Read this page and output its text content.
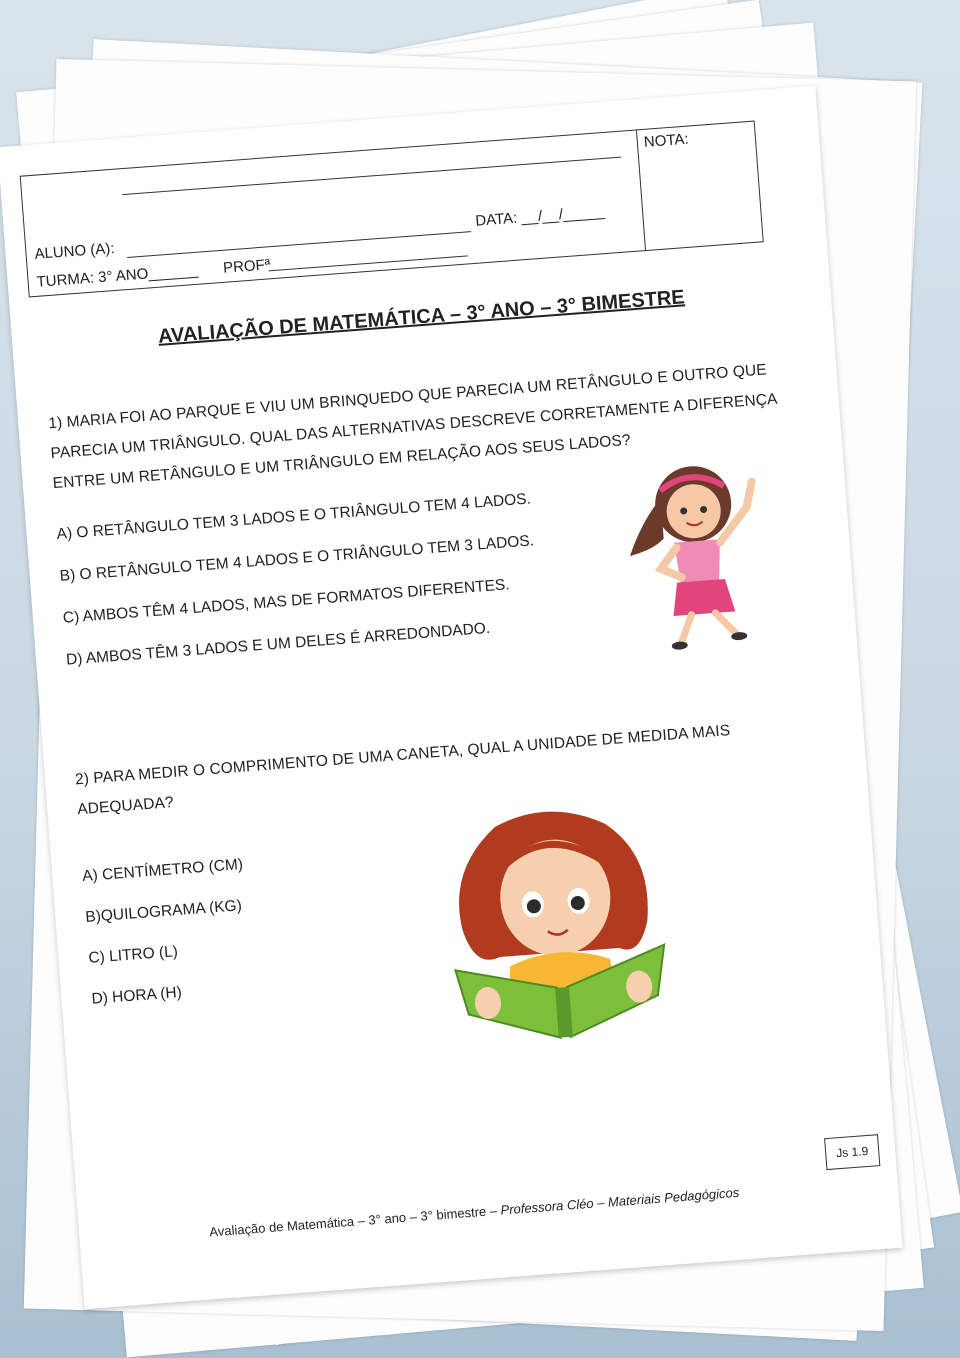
ALUNO (A):
DATA: __/__/_____
TURMA: 3° ANO______ PROFª
NOTA:
AVALIAÇÃO DE MATEMÁTICA – 3° ANO – 3° BIMESTRE
1) MARIA FOI AO PARQUE E VIU UM BRINQUEDO QUE PARECIA UM RETÂNGULO E OUTRO QUE PARECIA UM TRIÂNGULO. QUAL DAS ALTERNATIVAS DESCREVE CORRETAMENTE A DIFERENÇA ENTRE UM RETÂNGULO E UM TRIÂNGULO EM RELAÇÃO AOS SEUS LADOS?
A) O RETÂNGULO TEM 3 LADOS E O TRIÂNGULO TEM 4 LADOS.
B) O RETÂNGULO TEM 4 LADOS E O TRIÂNGULO TEM 3 LADOS.
C) AMBOS TÊM 4 LADOS, MAS DE FORMATOS DIFERENTES.
D) AMBOS TÊM 3 LADOS E UM DELES É ARREDONDADO.
2) PARA MEDIR O COMPRIMENTO DE UMA CANETA, QUAL A UNIDADE DE MEDIDA MAIS ADEQUADA?
A) CENTÍMETRO (CM)
B)QUILOGRAMA (KG)
C) LITRO (L)
D) HORA (H)
Js 1.9
Avaliação de Matemática – 3° ano – 3° bimestre – Professora Cléo – Materiais Pedagógicos
